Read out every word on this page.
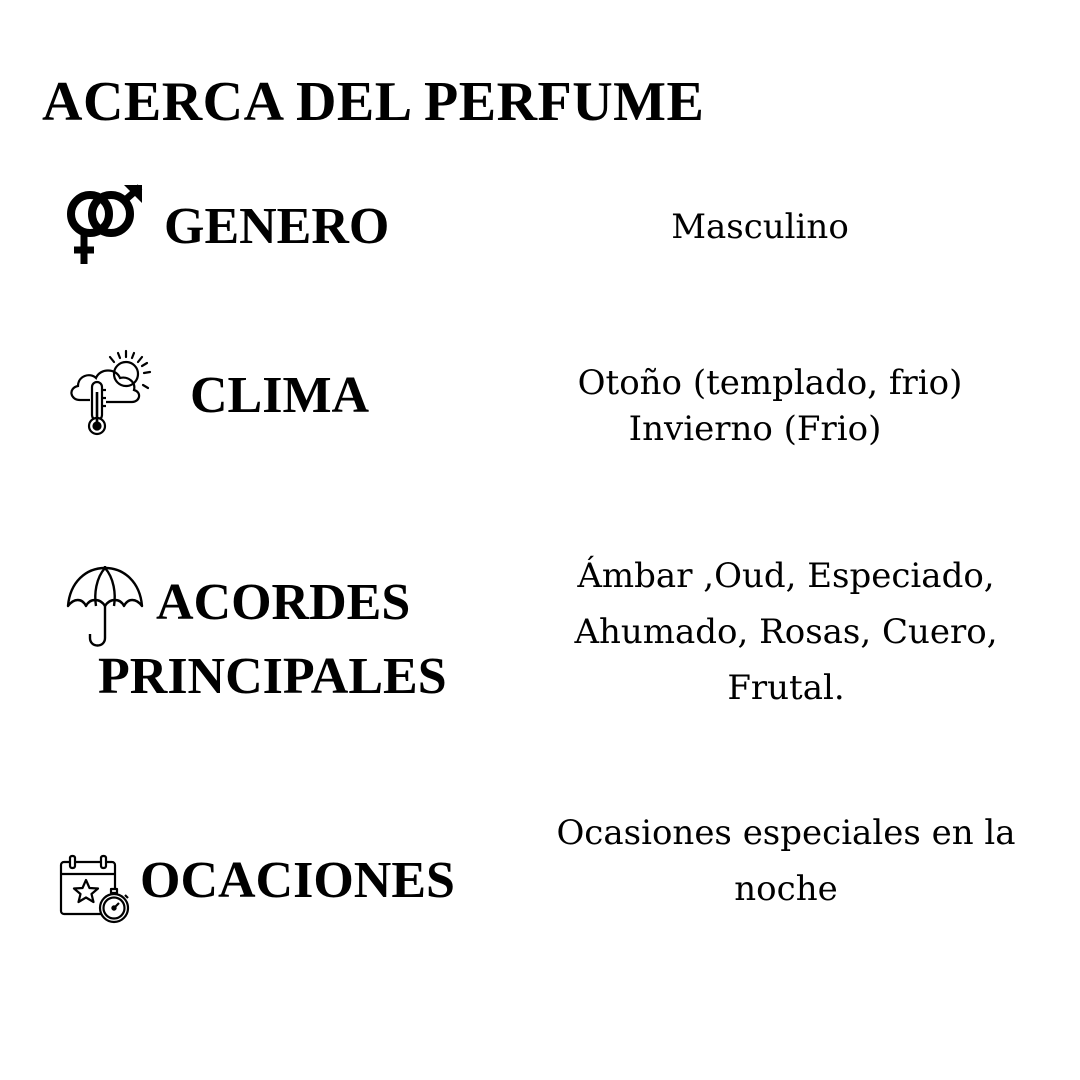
ACERCA DEL PERFUME
GENERO	Masculino
CLIMA	Otoño (templado, frio)
Invierno (Frio)
ACORDES
PRINCIPALES
Ámbar ,Oud, Especiado,
Ahumado, Rosas, Cuero,
Frutal.
OCACIONES
Ocasiones especiales en la
noche
